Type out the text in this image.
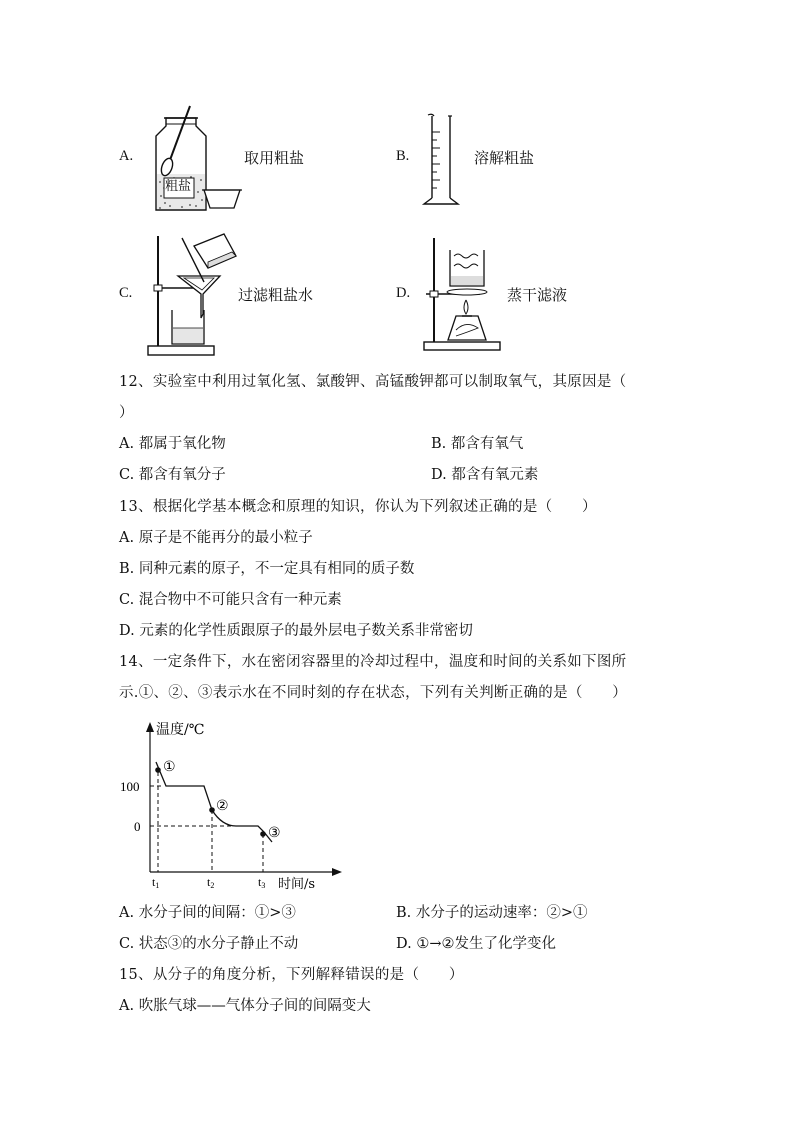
A.
粗盐
取用粗盐	B.	溶解粗盐
C.	过滤粗盐水	D.	蒸干滤液
12、实验室中利用过氧化氢、氯酸钾、高锰酸钾都可以制取氧气，其原因是（
）
A. 都属于氧化物	B. 都含有氧气
C. 都含有氧分子	D. 都含有氧元素
13、根据化学基本概念和原理的知识，你认为下列叙述正确的是（　　）
A. 原子是不能再分的最小粒子
B. 同种元素的原子，不一定具有相同的质子数
C. 混合物中不可能只含有一种元素
D. 元素的化学性质跟原子的最外层电子数关系非常密切
14、一定条件下，水在密闭容器里的冷却过程中，温度和时间的关系如下图所
示.①、②、③表示水在不同时刻的存在状态，下列有关判断正确的是（　　）
温度/℃
时间/s
100
0
t1	t2	t3
①
②
③
A. 水分子间的间隔：①>③	B. 水分子的运动速率：②>①
C. 状态③的水分子静止不动	D. ①→②发生了化学变化
15、从分子的角度分析，下列解释错误的是（　　）
A. 吹胀气球——气体分子间的间隔变大
